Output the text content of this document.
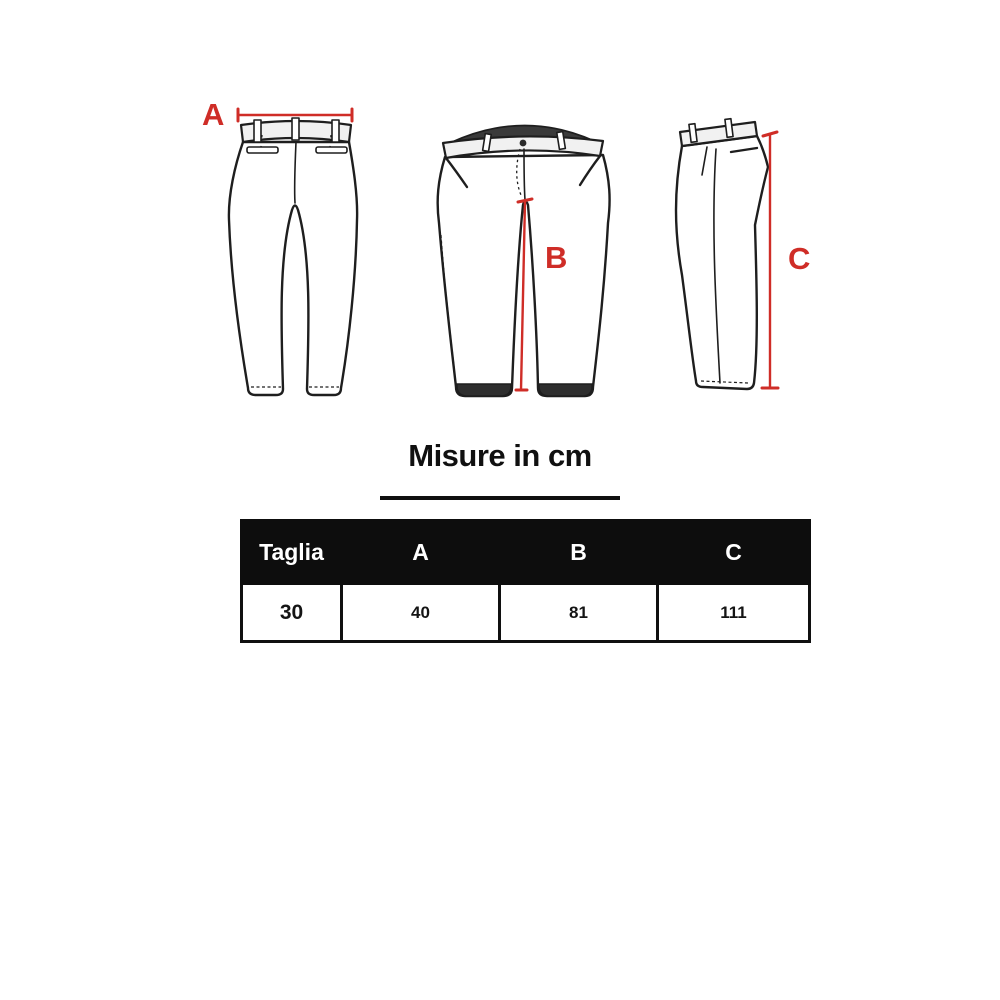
A
B	C
Misure in cm
Taglia	A	B	C
30	40	81	111
